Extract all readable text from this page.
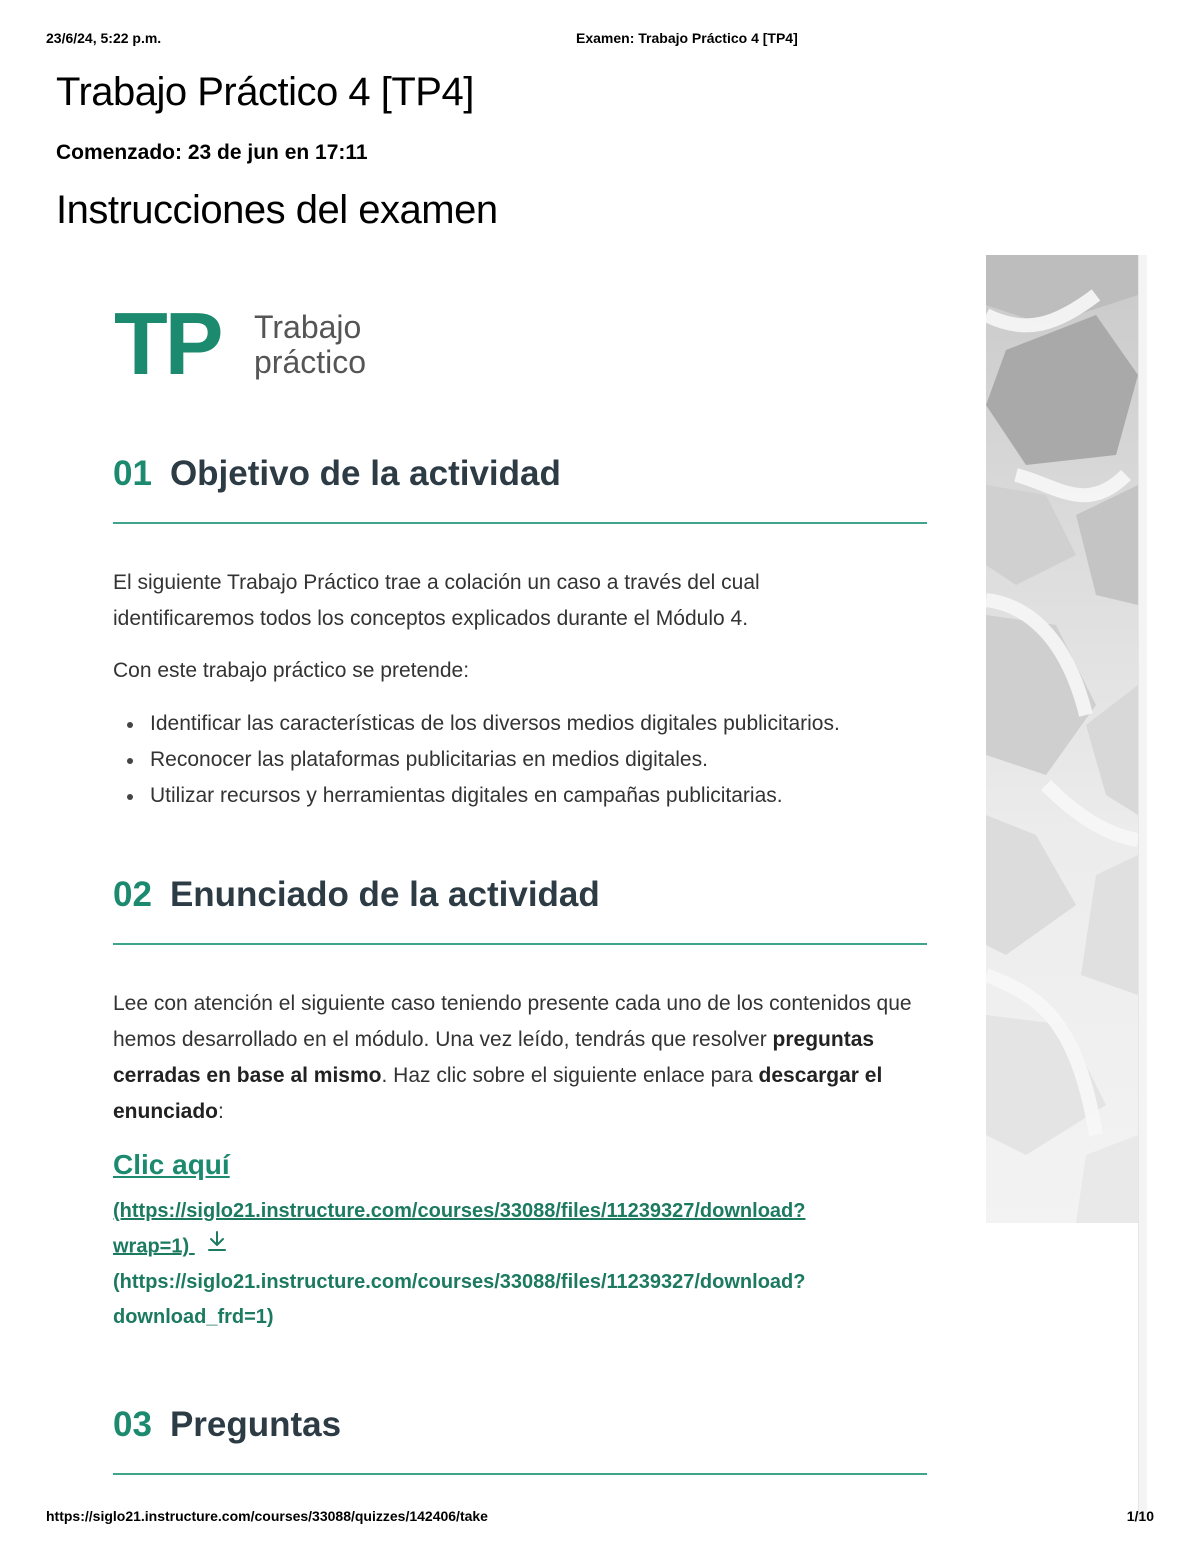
23/6/24, 5:22 p.m.	Examen: Trabajo Práctico 4 [TP4]
Trabajo Práctico 4 [TP4]
Comenzado: 23 de jun en 17:11
Instrucciones del examen
TP Trabajo
práctico
01 Objetivo de la actividad

El siguiente Trabajo Práctico trae a colación un caso a través del cual identificaremos todos los conceptos explicados durante el Módulo 4.

Con este trabajo práctico se pretende:

Identificar las características de los diversos medios digitales publicitarios.
Reconocer las plataformas publicitarias en medios digitales.
Utilizar recursos y herramientas digitales en campañas publicitarias.
02 Enunciado de la actividad

Lee con atención el siguiente caso teniendo presente cada uno de los contenidos que hemos desarrollado en el módulo. Una vez leído, tendrás que resolver preguntas cerradas en base al mismo. Haz clic sobre el siguiente enlace para descargar el enunciado:

Clic aquí
(https://siglo21.instructure.com/courses/33088/files/11239327/download?
wrap=1)
(https://siglo21.instructure.com/courses/33088/files/11239327/download?
download_frd=1)
03 Preguntas
https://siglo21.instructure.com/courses/33088/quizzes/142406/take	1/10
